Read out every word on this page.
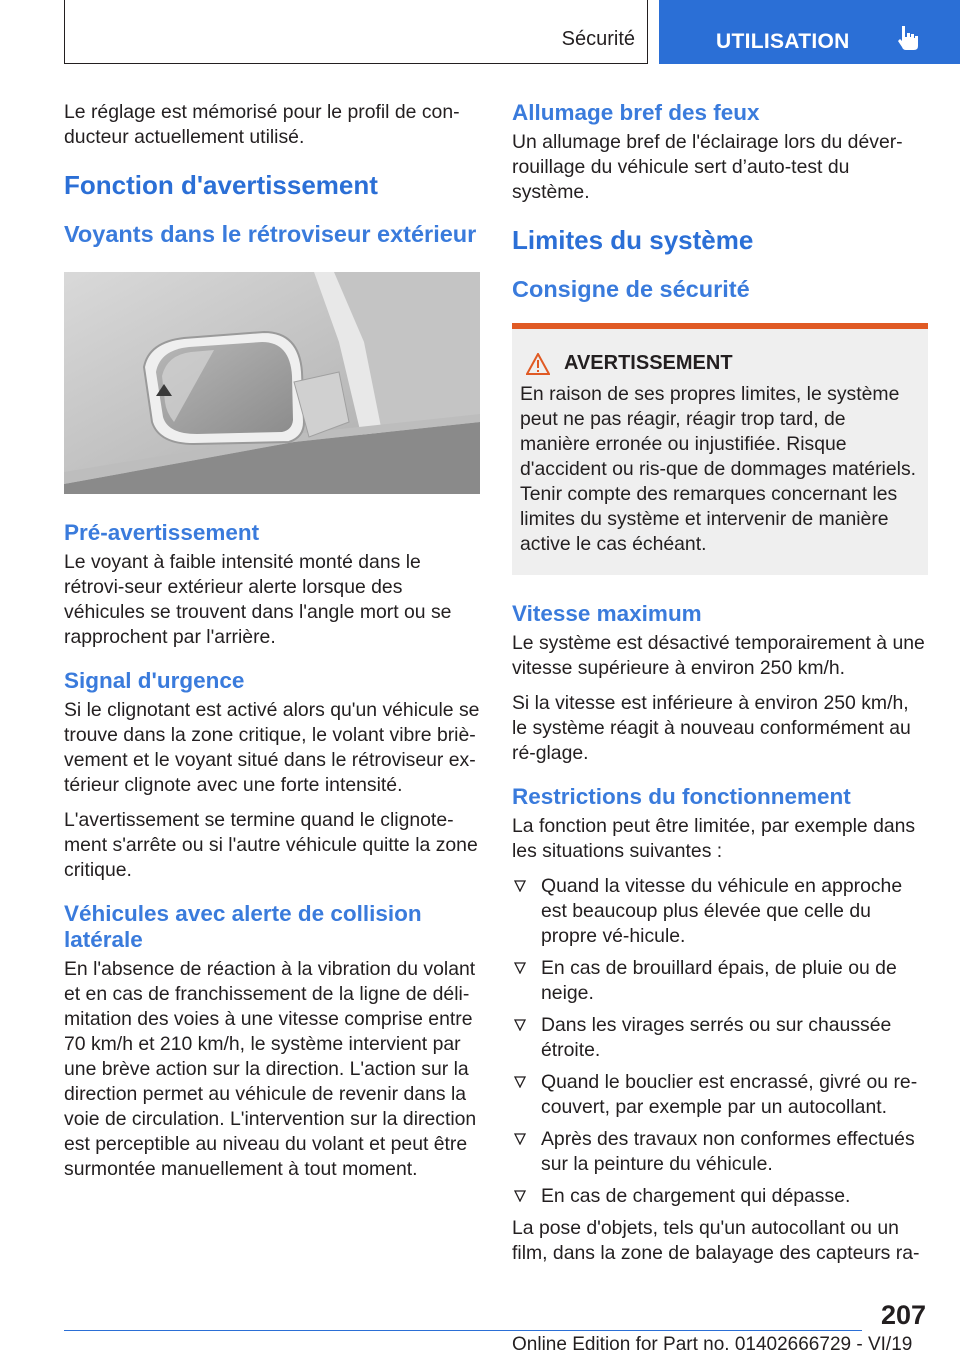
Sécurité	UTILISATION

Le réglage est mémorisé pour le profil de con‐ducteur actuellement utilisé.

Fonction d'avertissement
Voyants dans le rétroviseur extérieur
Pré-avertissement

Le voyant à faible intensité monté dans le rétrovi‐seur extérieur alerte lorsque des véhicules se trouvent dans l'angle mort ou se rapprochent par l'arrière.

Signal d'urgence

Si le clignotant est activé alors qu'un véhicule se trouve dans la zone critique, le volant vibre briè‐vement et le voyant situé dans le rétroviseur ex‐térieur clignote avec une forte intensité.

L'avertissement se termine quand le clignote‐ment s'arrête ou si l'autre véhicule quitte la zone critique.

Véhicules avec alerte de collision latérale

En l'absence de réaction à la vibration du volant et en cas de franchissement de la ligne de déli‐mitation des voies à une vitesse comprise entre 70 km/h et 210 km/h, le système intervient par une brève action sur la direction. L'action sur la direction permet au véhicule de revenir dans la voie de circulation. L'intervention sur la direction est perceptible au niveau du volant et peut être surmontée manuellement à tout moment.

Allumage bref des feux

Un allumage bref de l'éclairage lors du déver‐rouillage du véhicule sert d’auto-test du système.

Limites du système
Consigne de sécurité
AVERTISSEMENT
En raison de ses propres limites, le système peut ne pas réagir, réagir trop tard, de manière erronée ou injustifiée. Risque d'accident ou ris‐que de dommages matériels. Tenir compte des remarques concernant les limites du système et intervenir de manière active le cas échéant.
Vitesse maximum

Le système est désactivé temporairement à une vitesse supérieure à environ 250 km/h.

Si la vitesse est inférieure à environ 250 km/h, le système réagit à nouveau conformément au ré‐glage.

Restrictions du fonctionnement

La fonction peut être limitée, par exemple dans les situations suivantes :

Quand la vitesse du véhicule en approche est beaucoup plus élevée que celle du propre vé‐hicule.
En cas de brouillard épais, de pluie ou de neige.
Dans les virages serrés ou sur chaussée étroite.
Quand le bouclier est encrassé, givré ou re‐couvert, par exemple par un autocollant.
Après des travaux non conformes effectués sur la peinture du véhicule.
En cas de chargement qui dépasse.

La pose d'objets, tels qu'un autocollant ou un film, dans la zone de balayage des capteurs ra‐

207
Online Edition for Part no. 01402666729 - VI/19
